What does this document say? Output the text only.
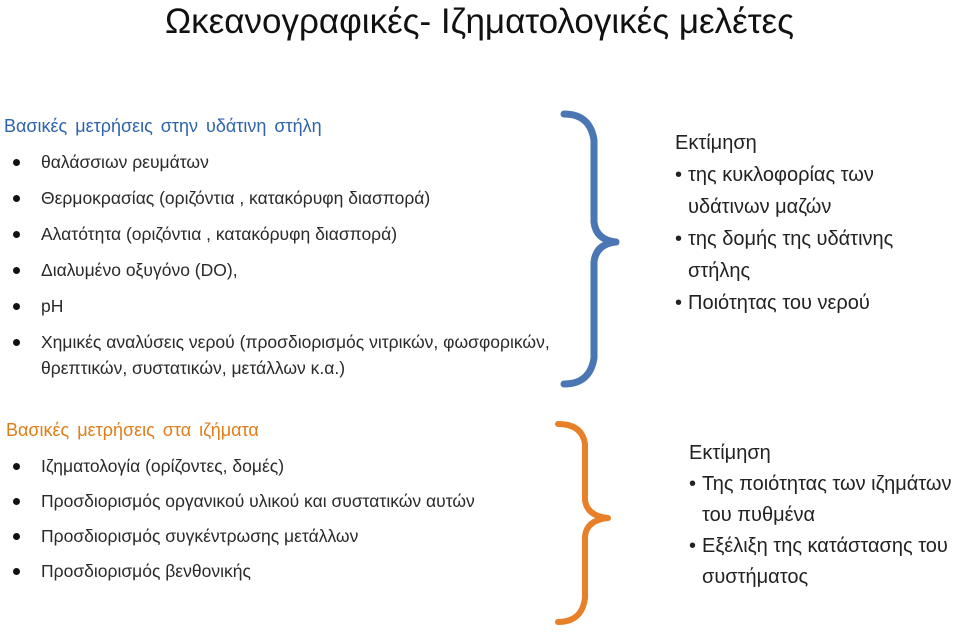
Ωκεανογραφικές- Ιζηματολογικές μελέτες
Βασικές μετρήσεις στην υδάτινη στήλη
θαλάσσιων ρευμάτων
Θερμοκρασίας (οριζόντια , κατακόρυφη διασπορά)
Αλατότητα (οριζόντια , κατακόρυφη διασπορά)
Διαλυμένο οξυγόνο (DO),
pH
Χημικές αναλύσεις νερού (προσδιορισμός νιτρικών, φωσφορικών, θρεπτικών, συστατικών, μετάλλων κ.α.)
Εκτίμηση
• της κυκλοφορίας των υδάτινων μαζών
• της δομής της υδάτινης στήλης
• Ποιότητας του νερού
Βασικές μετρήσεις στα ιζήματα
Ιζηματολογία (ορίζοντες, δομές)
Προσδιορισμός οργανικού υλικού και συστατικών αυτών
Προσδιορισμός συγκέντρωσης μετάλλων
Προσδιορισμός βενθονικής
Εκτίμηση
• Της ποιότητας των ιζημάτων του πυθμένα
• Εξέλιξη της κατάστασης του συστήματος
